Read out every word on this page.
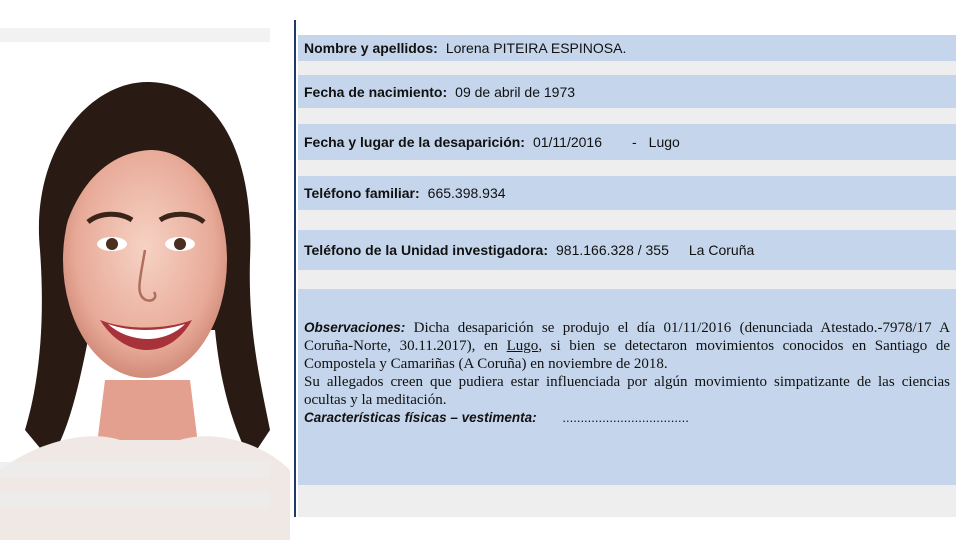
Nombre y apellidos: Lorena PITEIRA ESPINOSA.
Fecha de nacimiento: 09 de abril de 1973
Fecha y lugar de la desaparición: 01/11/2016 - Lugo
Teléfono familiar: 665.398.934
Teléfono de la Unidad investigadora: 981.166.328 / 355 La Coruña
Observaciones: Dicha desaparición se produjo el día 01/11/2016 (denunciada Atestado.-7978/17 A Coruña-Norte, 30.11.2017), en Lugo, si bien se detectaron movimientos conocidos en Santiago de Compostela y Camariñas (A Coruña) en noviembre de 2018.
Su allegados creen que pudiera estar influenciada por algún movimiento simpatizante de las ciencias ocultas y la meditación.
Características físicas – vestimenta: ...................................
